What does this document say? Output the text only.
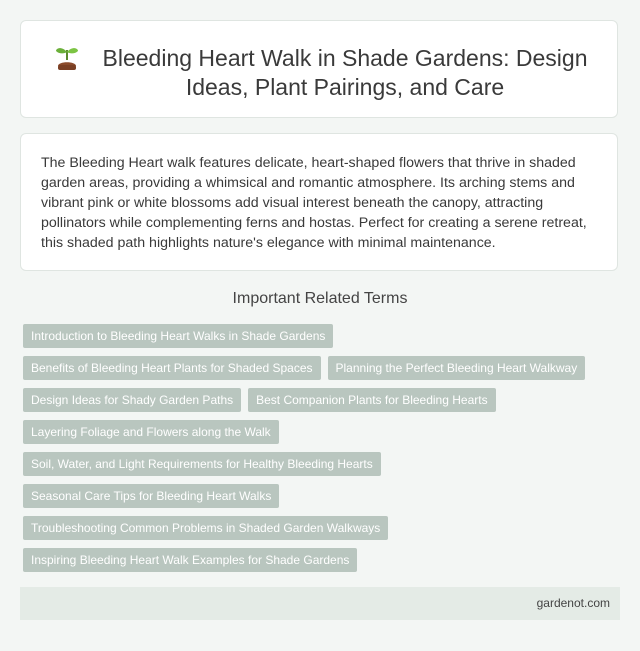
Bleeding Heart Walk in Shade Gardens: Design Ideas, Plant Pairings, and Care

The Bleeding Heart walk features delicate, heart-shaped flowers that thrive in shaded garden areas, providing a whimsical and romantic atmosphere. Its arching stems and vibrant pink or white blossoms add visual interest beneath the canopy, attracting pollinators while complementing ferns and hostas. Perfect for creating a serene retreat, this shaded path highlights nature's elegance with minimal maintenance.

Important Related Terms
Introduction to Bleeding Heart Walks in Shade Gardens
Benefits of Bleeding Heart Plants for Shaded Spaces	Planning the Perfect Bleeding Heart Walkway
Design Ideas for Shady Garden Paths	Best Companion Plants for Bleeding Hearts
Layering Foliage and Flowers along the Walk
Soil, Water, and Light Requirements for Healthy Bleeding Hearts
Seasonal Care Tips for Bleeding Heart Walks
Troubleshooting Common Problems in Shaded Garden Walkways
Inspiring Bleeding Heart Walk Examples for Shade Gardens
gardenot.com
